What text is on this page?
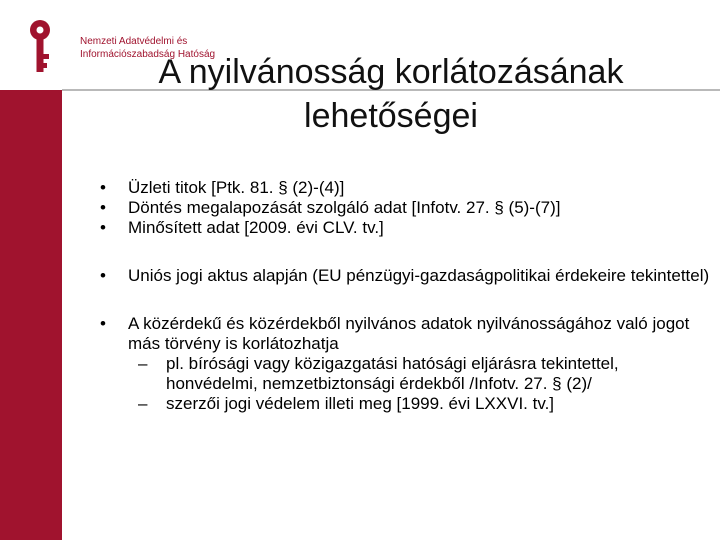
Nemzeti Adatvédelmi és
Információszabadság Hatóság
A nyilvánosság korlátozásának
lehetőségei
• Üzleti titok [Ptk. 81. § (2)-(4)]
• Döntés megalapozását szolgáló adat [Infotv. 27. § (5)-(7)]
• Minősített adat [2009. évi CLV. tv.]
• Uniós jogi aktus alapján (EU pénzügyi-gazdaságpolitikai érdekeire tekintettel)
• A közérdekű és közérdekből nyilvános adatok nyilvánosságához való jogot más törvény is korlátozhatja
– pl. bírósági vagy közigazgatási hatósági eljárásra tekintettel, honvédelmi, nemzetbiztonsági érdekből /Infotv. 27. § (2)/
– szerzői jogi védelem illeti meg [1999. évi LXXVI. tv.]
